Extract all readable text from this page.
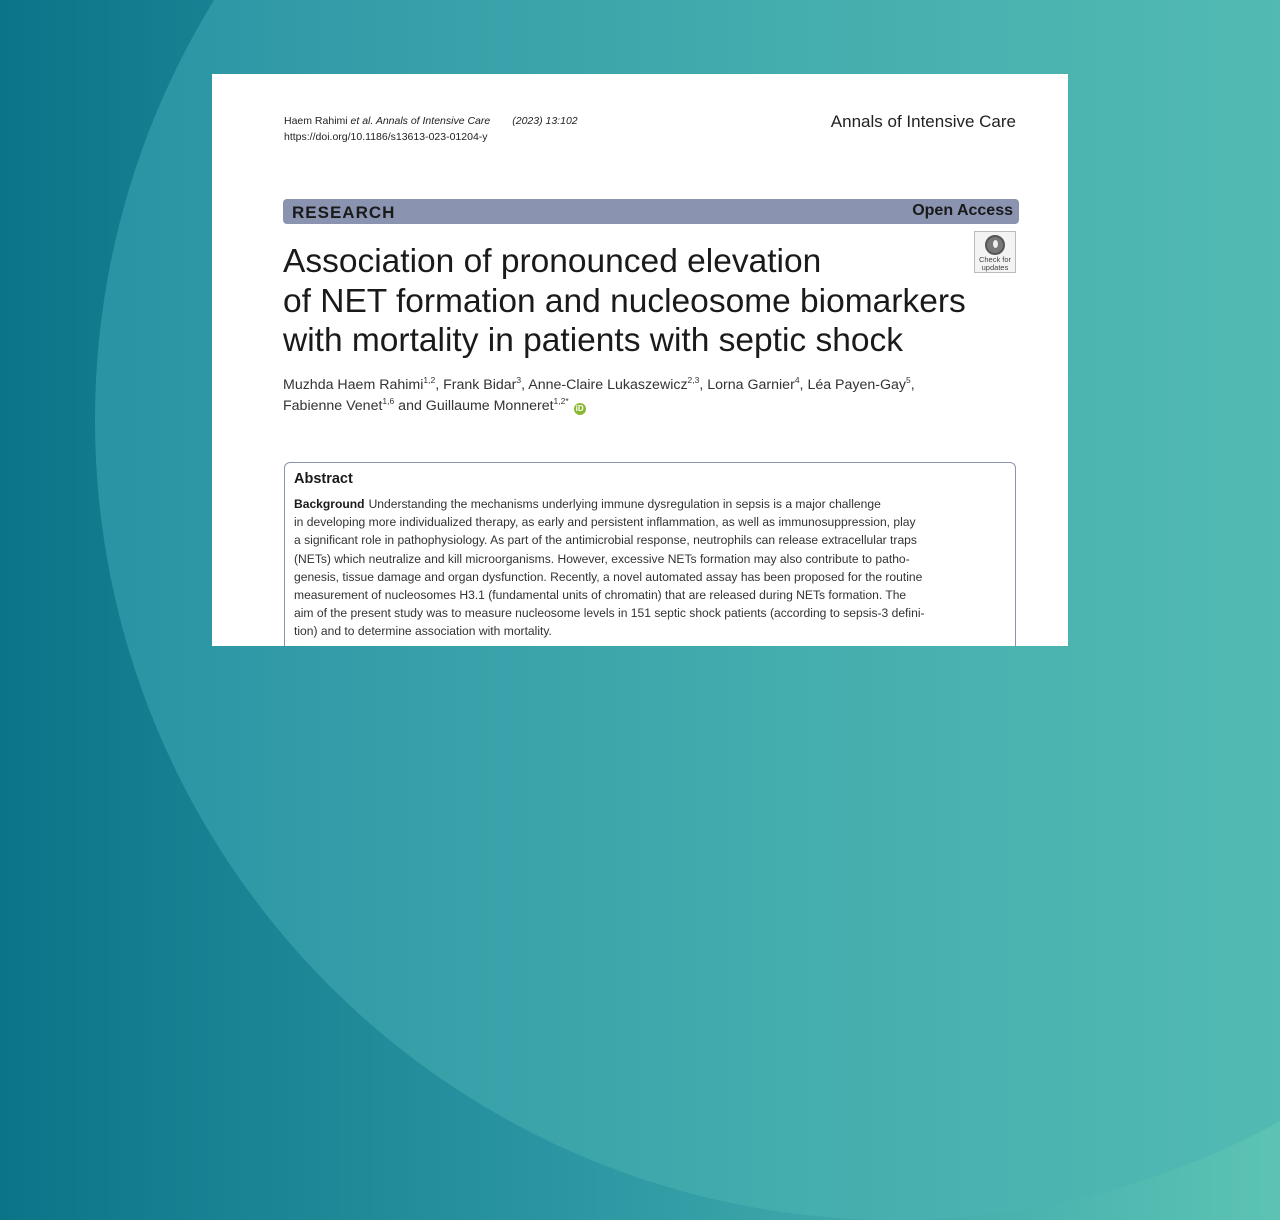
Haem Rahimi et al. Annals of Intensive Care (2023) 13:102
https://doi.org/10.1186/s13613-023-01204-y
Annals of Intensive Care
RESEARCH	Open Access
Check for
updates
Association of pronounced elevation
of NET formation and nucleosome biomarkers
with mortality in patients with septic shock
Muzhda Haem Rahimi$^{1,2}$, Frank Bidar$^3$, Anne-Claire Lukaszewicz$^{2,3}$, Lorna Garnier$^4$, Léa Payen-Gay$^5$,
Fabienne Venet$^{1,6}$ and Guillaume Monneret$^{1,2*}$ iD
Abstract
Background Understanding the mechanisms underlying immune dysregulation in sepsis is a major challenge
in developing more individualized therapy, as early and persistent inflammation, as well as immunosuppression, play
a significant role in pathophysiology. As part of the antimicrobial response, neutrophils can release extracellular traps
(NETs) which neutralize and kill microorganisms. However, excessive NETs formation may also contribute to patho-
genesis, tissue damage and organ dysfunction. Recently, a novel automated assay has been proposed for the routine
measurement of nucleosomes H3.1 (fundamental units of chromatin) that are released during NETs formation. The
aim of the present study was to measure nucleosome levels in 151 septic shock patients (according to sepsis-3 defini-
tion) and to determine association with mortality.
